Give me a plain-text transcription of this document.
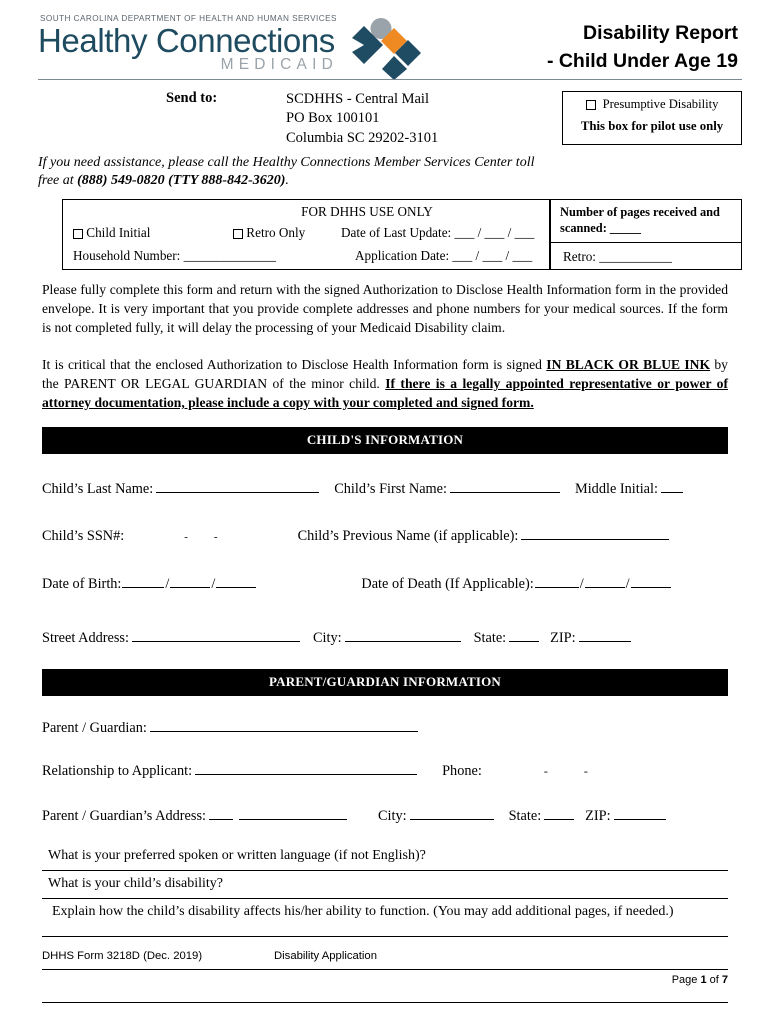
SOUTH CAROLINA DEPARTMENT OF HEALTH AND HUMAN SERVICES
Healthy Connections
MEDICAID
Disability Report
- Child Under Age 19
Send to:	SCDHHS - Central Mail
PO Box 100101
Columbia SC 29202-3101
If you need assistance, please call the Healthy Connections Member Services Center toll free at (888) 549-0820 (TTY 888-842-3620).
Presumptive Disability
This box for pilot use only
FOR DHHS USE ONLY
Child Initial	Retro Only	Date of Last Update: ___ / ___ / ___
Household Number: ______________	Application Date: ___ / ___ / ___
Number of pages received and scanned: _____
Retro: ___________
Please fully complete this form and return with the signed Authorization to Disclose Health Information form in the provided envelope. It is very important that you provide complete addresses and phone numbers for your medical sources. If the form is not completed fully, it will delay the processing of your Medicaid Disability claim.
It is critical that the enclosed Authorization to Disclose Health Information form is signed IN BLACK OR BLUE INK by the PARENT OR LEGAL GUARDIAN of the minor child. If there is a legally appointed representative or power of attorney documentation, please include a copy with your completed and signed form.
CHILD'S INFORMATION
Child’s Last Name:	Child’s First Name:	Middle Initial:
Child’s SSN#:	- -	Child’s Previous Name (if applicable):
Date of Birth:	/	/	Date of Death (If Applicable):	/	/
Street Address:	City:	State:	ZIP:
PARENT/GUARDIAN INFORMATION
Parent / Guardian:
Relationship to Applicant:	Phone:	-	-
Parent / Guardian’s Address:	City:	State:	ZIP:
What is your preferred spoken or written language (if not English)?
What is your child’s disability?
Explain how the child’s disability affects his/her ability to function. (You may add additional pages, if needed.)
DHHS Form 3218D (Dec. 2019)	Disability Application
Page 1 of 7
